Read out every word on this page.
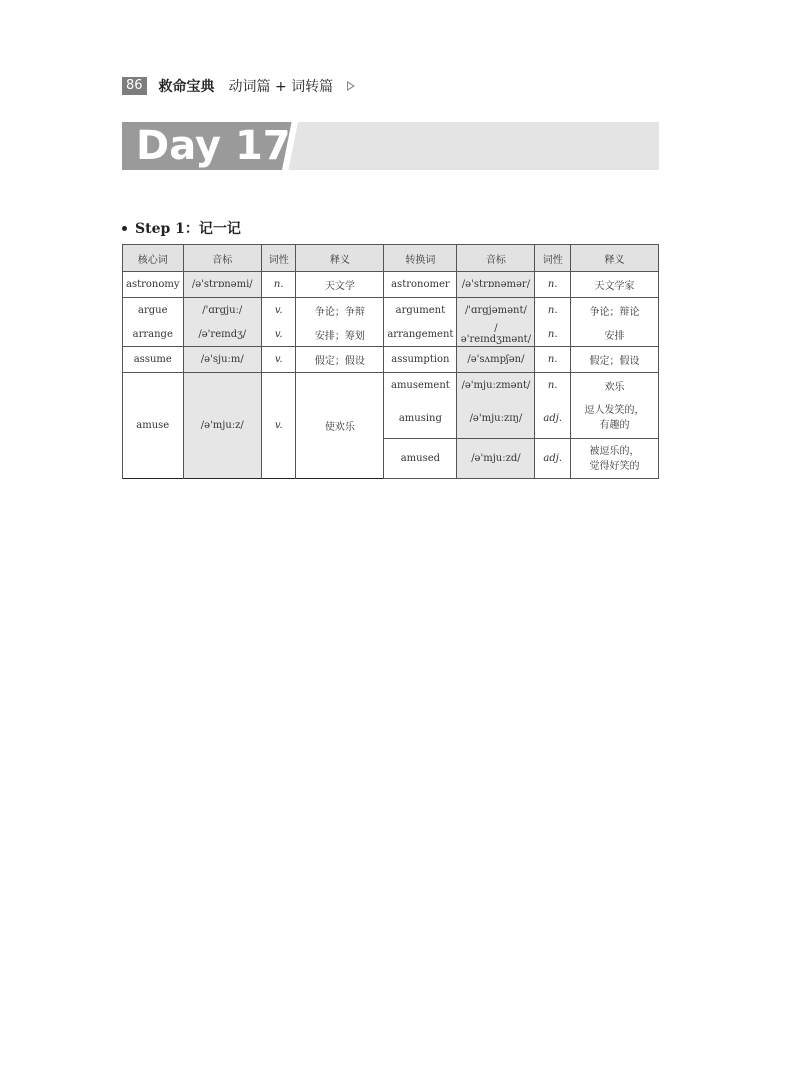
86 救命宝典 动词篇 + 词转篇
Day 17
Step 1：记一记
核心词	音标	词性	释义	转换词	音标	词性	释义
astronomy	/ə'strɒnəmi/	n.	天文学	astronomer	/ə'strɒnəmər/	n.	天文学家
argue	/'ɑrgjuː/	v.	争论；争辩	argument	/'ɑrgjəmənt/	n.	争论；辩论
arrange	/ə'reɪndʒ/	v.	安排；筹划	arrangement	/ə'reɪndʒmənt/	n.	安排
assume	/ə'sjuːm/	v.	假定；假设	assumption	/ə'sʌmpʃən/	n.	假定；假设
amuse	/ə'mjuːz/	v.	使欢乐	amusement	/ə'mjuːzmənt/	n.	欢乐
				amusing	/ə'mjuːzɪŋ/	adj.	逗人发笑的，
有趣的
				amused	/ə'mjuːzd/	adj.	被逗乐的，
觉得好笑的
